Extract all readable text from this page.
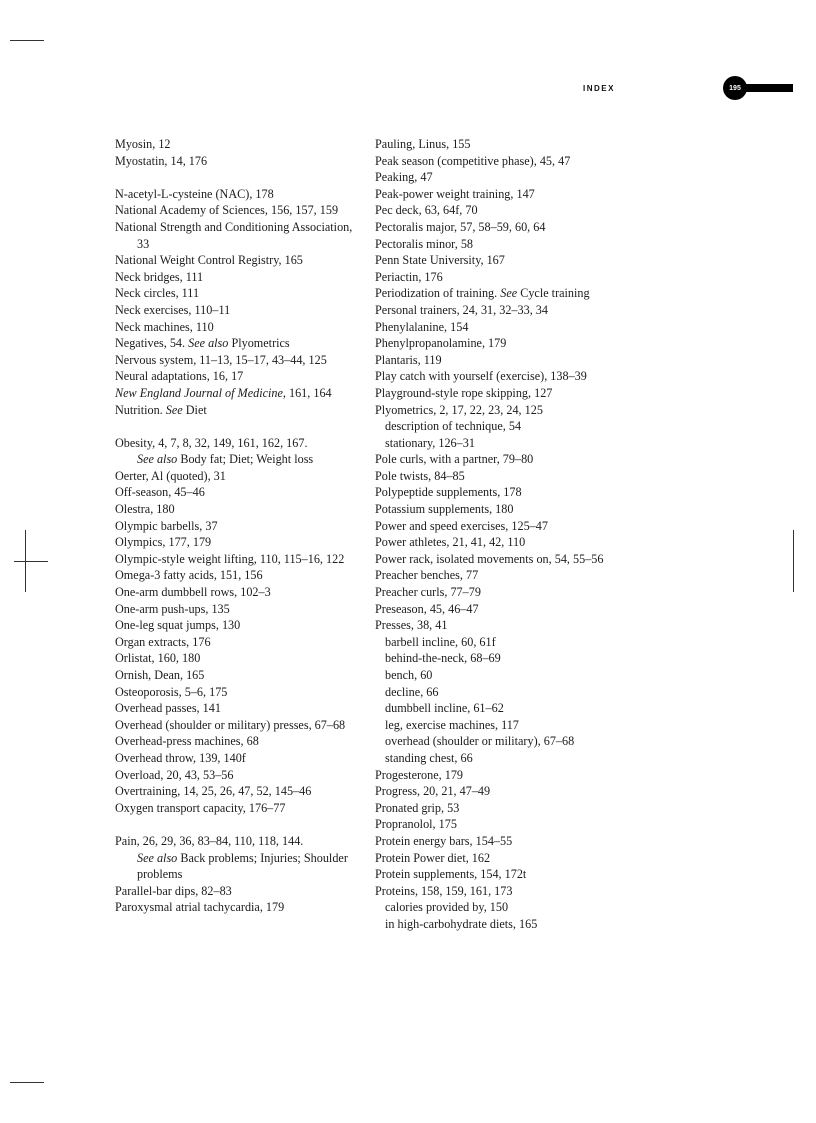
INDEX	195

Myosin, 12

Myostatin, 14, 176

N-acetyl-L-cysteine (NAC), 178

National Academy of Sciences, 156, 157, 159

National Strength and Conditioning Association, 33

National Weight Control Registry, 165

Neck bridges, 111

Neck circles, 111

Neck exercises, 110–11

Neck machines, 110

Negatives, 54. See also Plyometrics

Nervous system, 11–13, 15–17, 43–44, 125

Neural adaptations, 16, 17

New England Journal of Medicine, 161, 164

Nutrition. See Diet

Obesity, 4, 7, 8, 32, 149, 161, 162, 167.
See also Body fat; Diet; Weight loss

Oerter, Al (quoted), 31

Off-season, 45–46

Olestra, 180

Olympic barbells, 37

Olympics, 177, 179

Olympic-style weight lifting, 110, 115–16, 122

Omega-3 fatty acids, 151, 156

One-arm dumbbell rows, 102–3

One-arm push-ups, 135

One-leg squat jumps, 130

Organ extracts, 176

Orlistat, 160, 180

Ornish, Dean, 165

Osteoporosis, 5–6, 175

Overhead passes, 141

Overhead (shoulder or military) presses, 67–68

Overhead-press machines, 68

Overhead throw, 139, 140f

Overload, 20, 43, 53–56

Overtraining, 14, 25, 26, 47, 52, 145–46

Oxygen transport capacity, 176–77

Pain, 26, 29, 36, 83–84, 110, 118, 144.
See also Back problems; Injuries; Shoulder problems

Parallel-bar dips, 82–83

Paroxysmal atrial tachycardia, 179

Pauling, Linus, 155

Peak season (competitive phase), 45, 47

Peaking, 47

Peak-power weight training, 147

Pec deck, 63, 64f, 70

Pectoralis major, 57, 58–59, 60, 64

Pectoralis minor, 58

Penn State University, 167

Periactin, 176

Periodization of training. See Cycle training

Personal trainers, 24, 31, 32–33, 34

Phenylalanine, 154

Phenylpropanolamine, 179

Plantaris, 119

Play catch with yourself (exercise), 138–39

Playground-style rope skipping, 127

Plyometrics, 2, 17, 22, 23, 24, 125

description of technique, 54

stationary, 126–31

Pole curls, with a partner, 79–80

Pole twists, 84–85

Polypeptide supplements, 178

Potassium supplements, 180

Power and speed exercises, 125–47

Power athletes, 21, 41, 42, 110

Power rack, isolated movements on, 54, 55–56

Preacher benches, 77

Preacher curls, 77–79

Preseason, 45, 46–47

Presses, 38, 41

barbell incline, 60, 61f

behind-the-neck, 68–69

bench, 60

decline, 66

dumbbell incline, 61–62

leg, exercise machines, 117

overhead (shoulder or military), 67–68

standing chest, 66

Progesterone, 179

Progress, 20, 21, 47–49

Pronated grip, 53

Propranolol, 175

Protein energy bars, 154–55

Protein Power diet, 162

Protein supplements, 154, 172t

Proteins, 158, 159, 161, 173

calories provided by, 150

in high-carbohydrate diets, 165
